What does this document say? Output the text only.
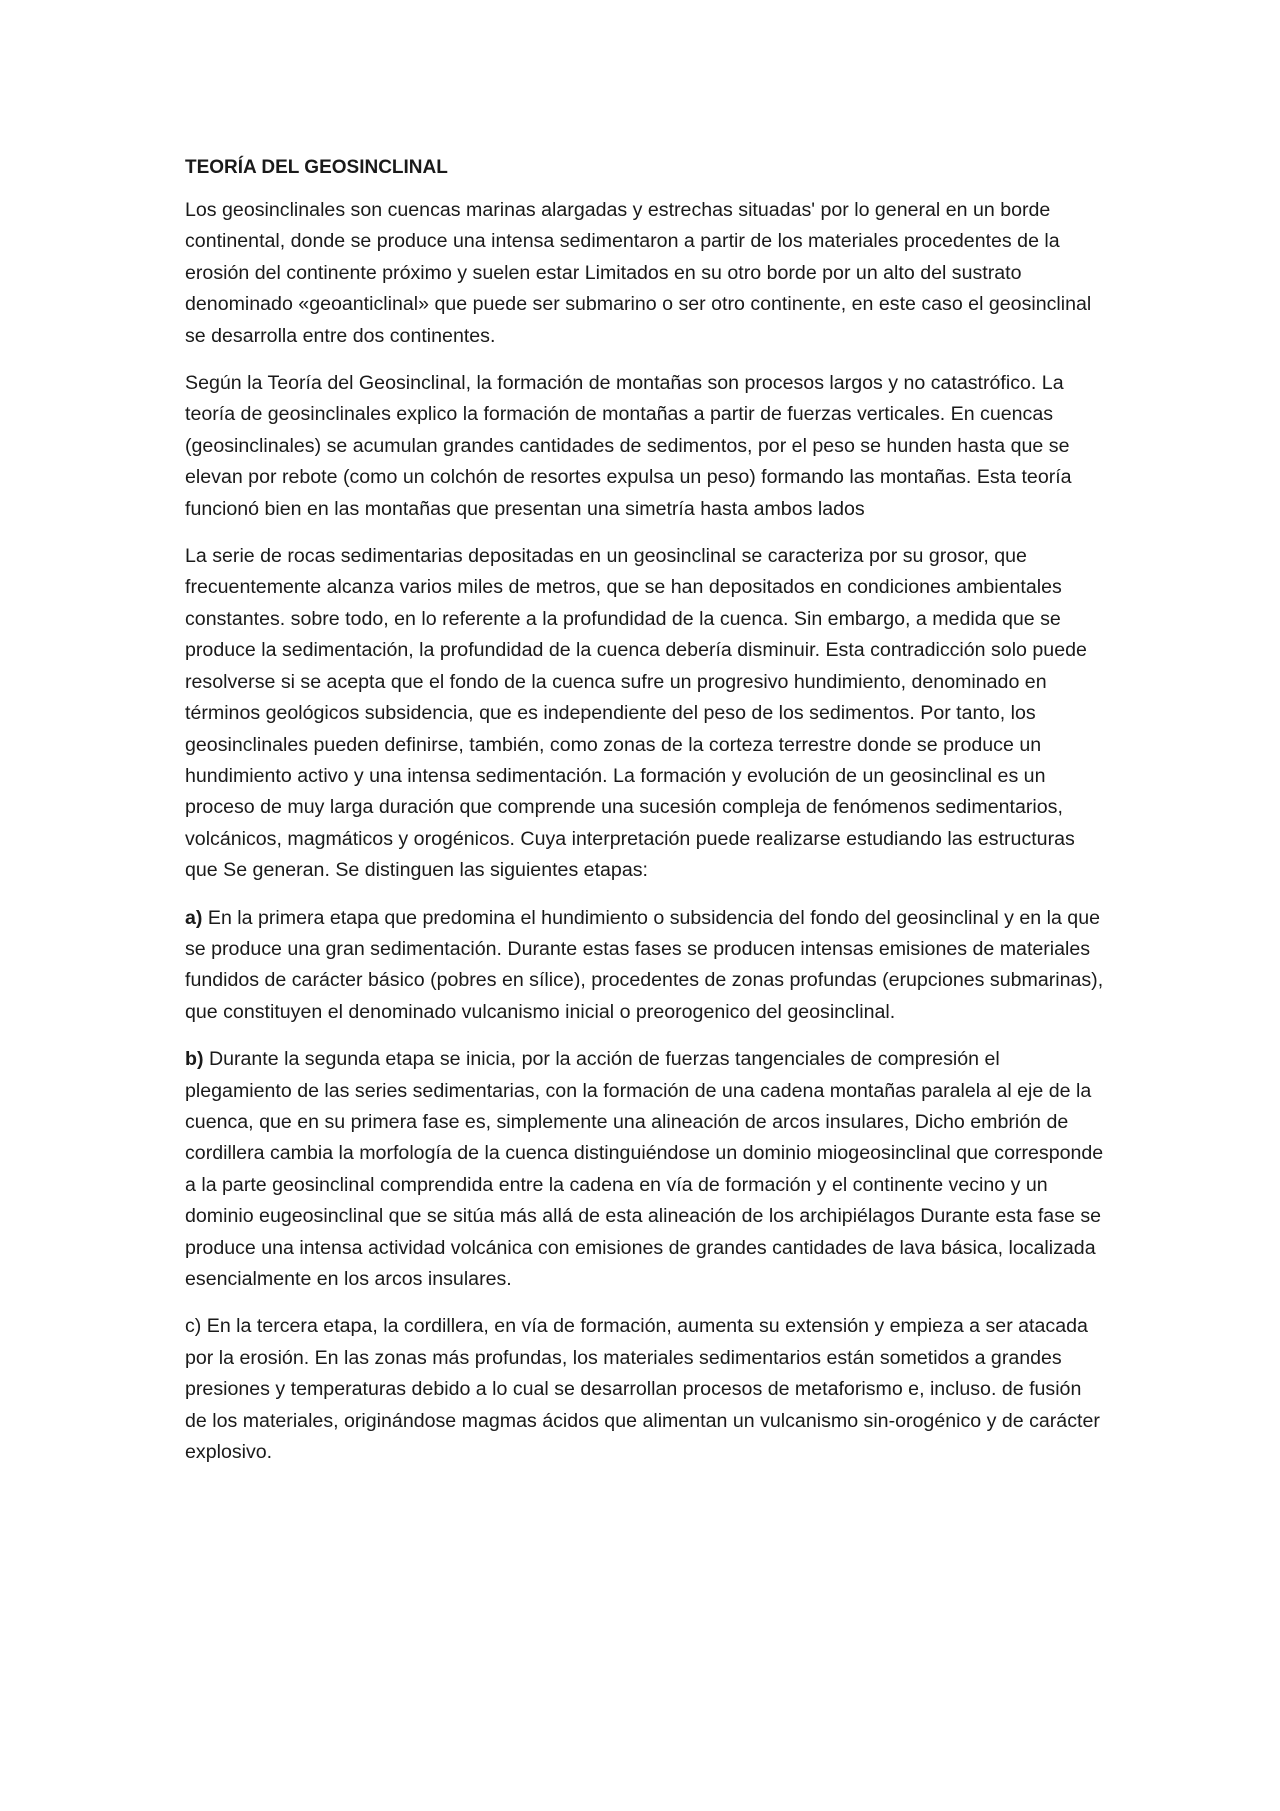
TEORÍA DEL GEOSINCLINAL

Los geosinclinales son cuencas marinas alargadas y estrechas situadas' por lo general en un borde continental, donde se produce una intensa sedimentaron a partir de los materiales procedentes de la erosión del continente próximo y suelen estar Limitados en su otro borde por un alto del sustrato denominado «geoanticlinal» que puede ser submarino o ser otro continente, en este caso el geosinclinal se desarrolla entre dos continentes.

Según la Teoría del Geosinclinal, la formación de montañas son procesos largos y no catastrófico. La teoría de geosinclinales explico la formación de montañas a partir de fuerzas verticales. En cuencas (geosinclinales) se acumulan grandes cantidades de sedimentos, por el peso se hunden hasta que se elevan por rebote (como un colchón de resortes expulsa un peso) formando las montañas. Esta teoría funcionó bien en las montañas que presentan una simetría hasta ambos lados

La serie de rocas sedimentarias depositadas en un geosinclinal se caracteriza por su grosor, que frecuentemente alcanza varios miles de metros, que se han depositados en condiciones ambientales constantes. sobre todo, en lo referente a la profundidad de la cuenca. Sin embargo, a medida que se produce la sedimentación, la profundidad de la cuenca debería disminuir. Esta contradicción solo puede resolverse si se acepta que el fondo de la cuenca sufre un progresivo hundimiento, denominado en términos geológicos subsidencia, que es independiente del peso de los sedimentos. Por tanto, los geosinclinales pueden definirse, también, como zonas de la corteza terrestre donde se produce un hundimiento activo y una intensa sedimentación. La formación y evolución de un geosinclinal es un proceso de muy larga duración que comprende una sucesión compleja de fenómenos sedimentarios, volcánicos, magmáticos y orogénicos. Cuya interpretación puede realizarse estudiando las estructuras que Se generan. Se distinguen las siguientes etapas:

a) En la primera etapa que predomina el hundimiento o subsidencia del fondo del geosinclinal y en la que se produce una gran sedimentación. Durante estas fases se producen intensas emisiones de materiales fundidos de carácter básico (pobres en sílice), procedentes de zonas profundas (erupciones submarinas), que constituyen el denominado vulcanismo inicial o preorogenico del geosinclinal.

b) Durante la segunda etapa se inicia, por la acción de fuerzas tangenciales de compresión el plegamiento de las series sedimentarias, con la formación de una cadena montañas paralela al eje de la cuenca, que en su primera fase es, simplemente una alineación de arcos insulares, Dicho embrión de cordillera cambia la morfología de la cuenca distinguiéndose un dominio miogeosinclinal que corresponde a la parte geosinclinal comprendida entre la cadena en vía de formación y el continente vecino y un dominio eugeosinclinal que se sitúa más allá de esta alineación de los archipiélagos Durante esta fase se produce una intensa actividad volcánica con emisiones de grandes cantidades de lava básica, localizada esencialmente en los arcos insulares.

c) En la tercera etapa, la cordillera, en vía de formación, aumenta su extensión y empieza a ser atacada por la erosión. En las zonas más profundas, los materiales sedimentarios están sometidos a grandes presiones y temperaturas debido a lo cual se desarrollan procesos de metaforismo e, incluso. de fusión de los materiales, originándose magmas ácidos que alimentan un vulcanismo sin-orogénico y de carácter explosivo.
